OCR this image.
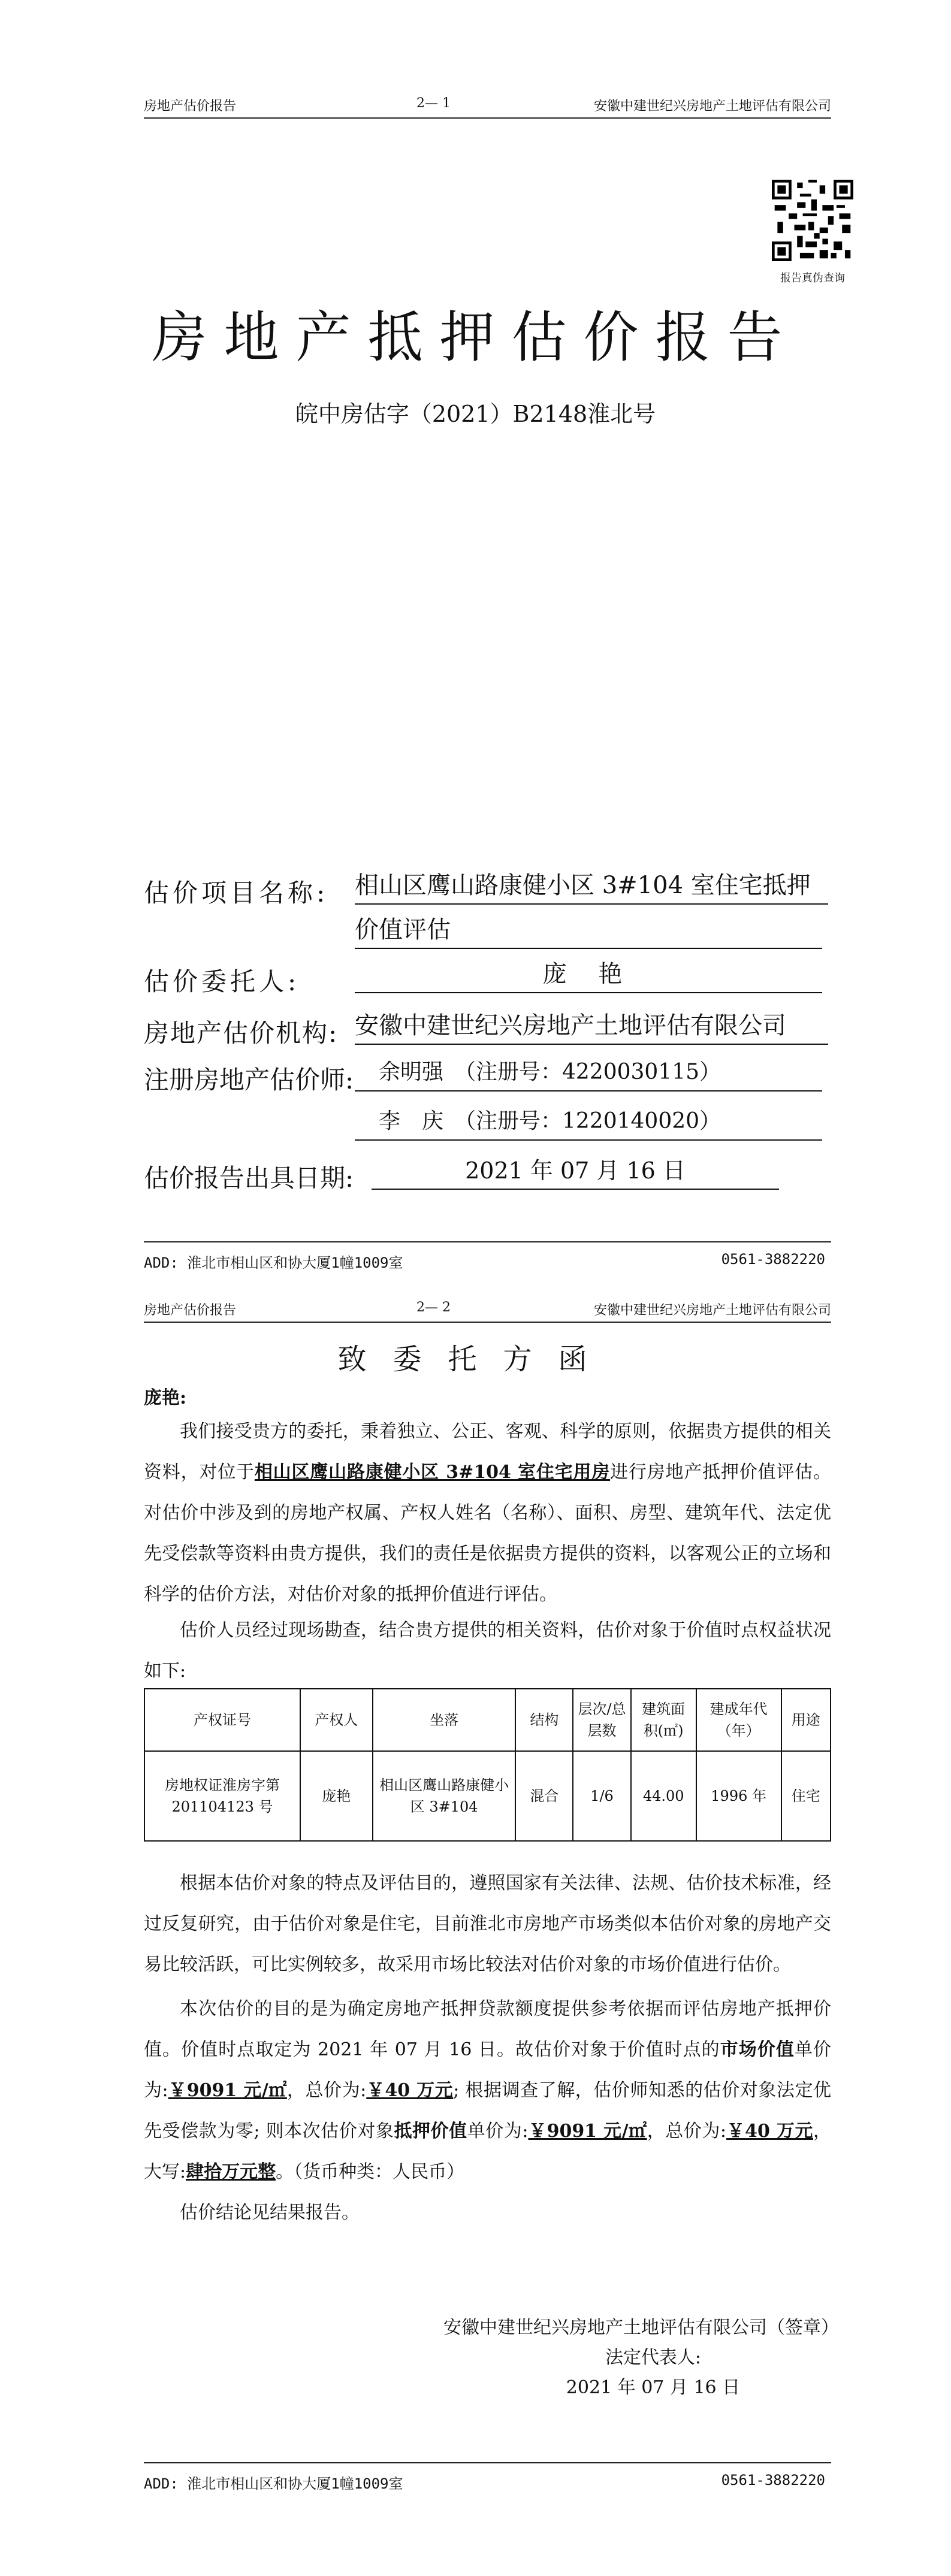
房地产估价报告	2— 1	安徽中建世纪兴房地产土地评估有限公司
报告真伪查询
房地产抵押估价报告
皖中房估字（2021）B2148淮北号
估价项目名称: 相山区鹰山路康健小区 3#104 室住宅抵押
价值评估
估价委托人:	庞 艳
房地产估价机构: 安徽中建世纪兴房地产土地评估有限公司
注册房地产估价师:	余明强　（注册号：4220030115）
李　庆　（注册号：1220140020）
估价报告出具日期:	2021 年 07 月 16 日
ADD: 淮北市相山区和协大厦1幢1009室	0561-3882220
房地产估价报告	2— 2	安徽中建世纪兴房地产土地评估有限公司
致委托方函
庞艳:

我们接受贵方的委托，秉着独立、公正、客观、科学的原则，依据贵方提供的相关资料，对位于相山区鹰山路康健小区 3#104 室住宅用房进行房地产抵押价值评估。对估价中涉及到的房地产权属、产权人姓名（名称）、面积、房型、建筑年代、法定优先受偿款等资料由贵方提供，我们的责任是依据贵方提供的资料，以客观公正的立场和科学的估价方法，对估价对象的抵押价值进行评估。

估价人员经过现场勘查，结合贵方提供的相关资料，估价对象于价值时点权益状况如下:

产权证号	产权人	坐落	结构	层次/总层数	建筑面积(㎡)	建成年代（年）	用途
房地权证淮房字第 201104123 号	庞艳	相山区鹰山路康健小区 3#104	混合	1/6	44.00	1996 年	住宅

根据本估价对象的特点及评估目的，遵照国家有关法律、法规、估价技术标准，经过反复研究，由于估价对象是住宅，目前淮北市房地产市场类似本估价对象的房地产交易比较活跃，可比实例较多，故采用市场比较法对估价对象的市场价值进行估价。

本次估价的目的是为确定房地产抵押贷款额度提供参考依据而评估房地产抵押价值。价值时点取定为 2021 年 07 月 16 日。故估价对象于价值时点的市场价值单价为:￥9091 元/㎡，总价为:￥40 万元; 根据调查了解，估价师知悉的估价对象法定优先受偿款为零; 则本次估价对象抵押价值单价为:￥9091 元/㎡，总价为:￥40 万元，大写:肆拾万元整。（货币种类：人民币）

估价结论见结果报告。

安徽中建世纪兴房地产土地评估有限公司（签章）
法定代表人:
2021 年 07 月 16 日
ADD: 淮北市相山区和协大厦1幢1009室	0561-3882220
